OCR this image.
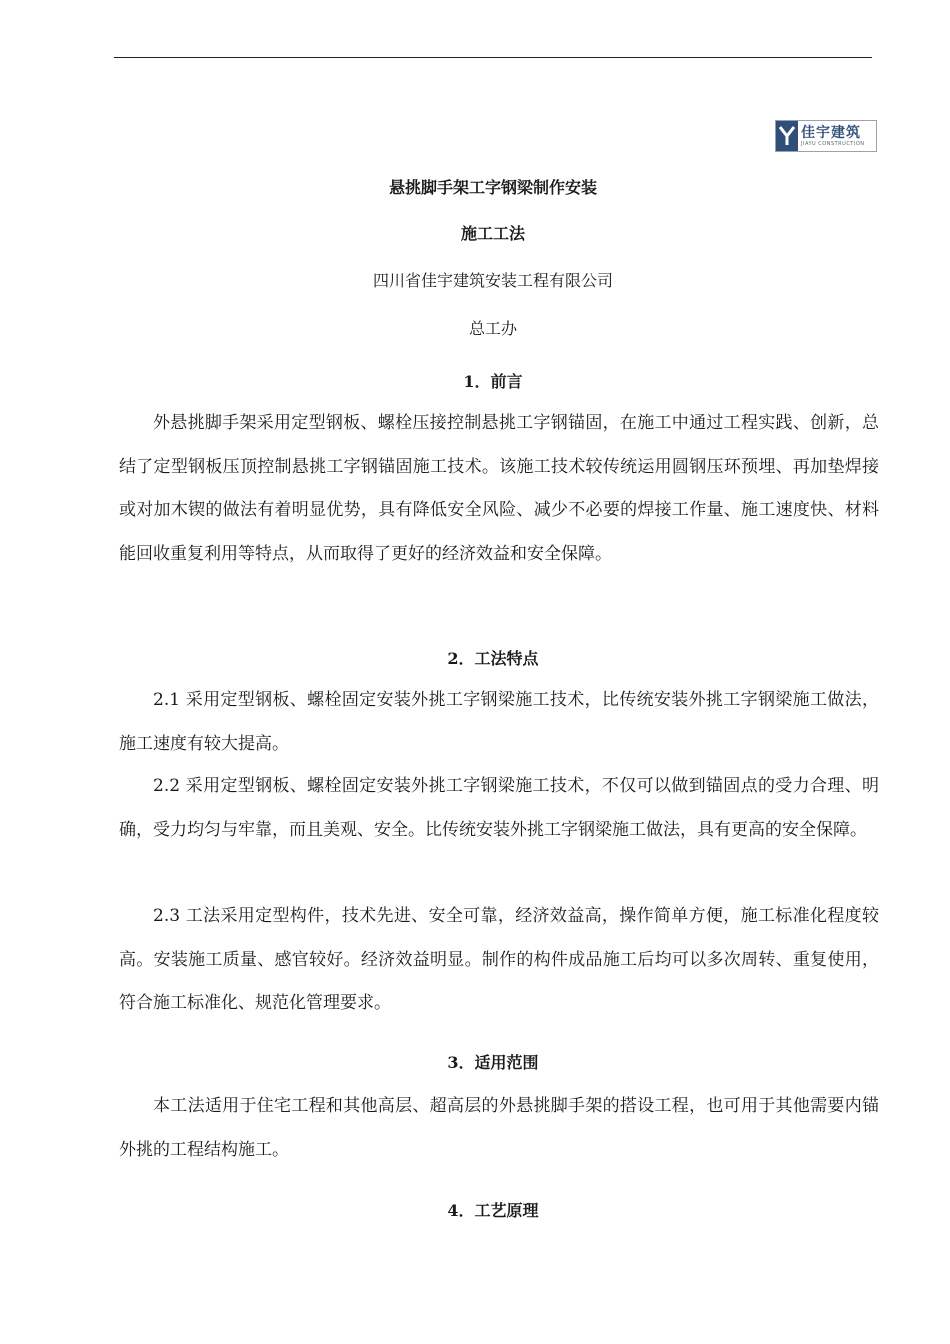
佳宇建筑
JIAYU CONSTRUCTION
悬挑脚手架工字钢梁制作安装
施工工法
四川省佳宇建筑安装工程有限公司
总工办
1．前言
外悬挑脚手架采用定型钢板、螺栓压接控制悬挑工字钢锚固，在施工中通过工程实践、创新，总结了定型钢板压顶控制悬挑工字钢锚固施工技术。该施工技术较传统运用圆钢压环预埋、再加垫焊接或对加木锲的做法有着明显优势，具有降低安全风险、减少不必要的焊接工作量、施工速度快、材料能回收重复利用等特点，从而取得了更好的经济效益和安全保障。
2．工法特点
2.1 采用定型钢板、螺栓固定安装外挑工字钢梁施工技术，比传统安装外挑工字钢梁施工做法，施工速度有较大提高。
2.2 采用定型钢板、螺栓固定安装外挑工字钢梁施工技术，不仅可以做到锚固点的受力合理、明确，受力均匀与牢靠，而且美观、安全。比传统安装外挑工字钢梁施工做法，具有更高的安全保障。
2.3 工法采用定型构件，技术先进、安全可靠，经济效益高，操作简单方便，施工标准化程度较高。安装施工质量、感官较好。经济效益明显。制作的构件成品施工后均可以多次周转、重复使用，符合施工标准化、规范化管理要求。
3．适用范围
本工法适用于住宅工程和其他高层、超高层的外悬挑脚手架的搭设工程，也可用于其他需要内锚外挑的工程结构施工。
4．工艺原理
